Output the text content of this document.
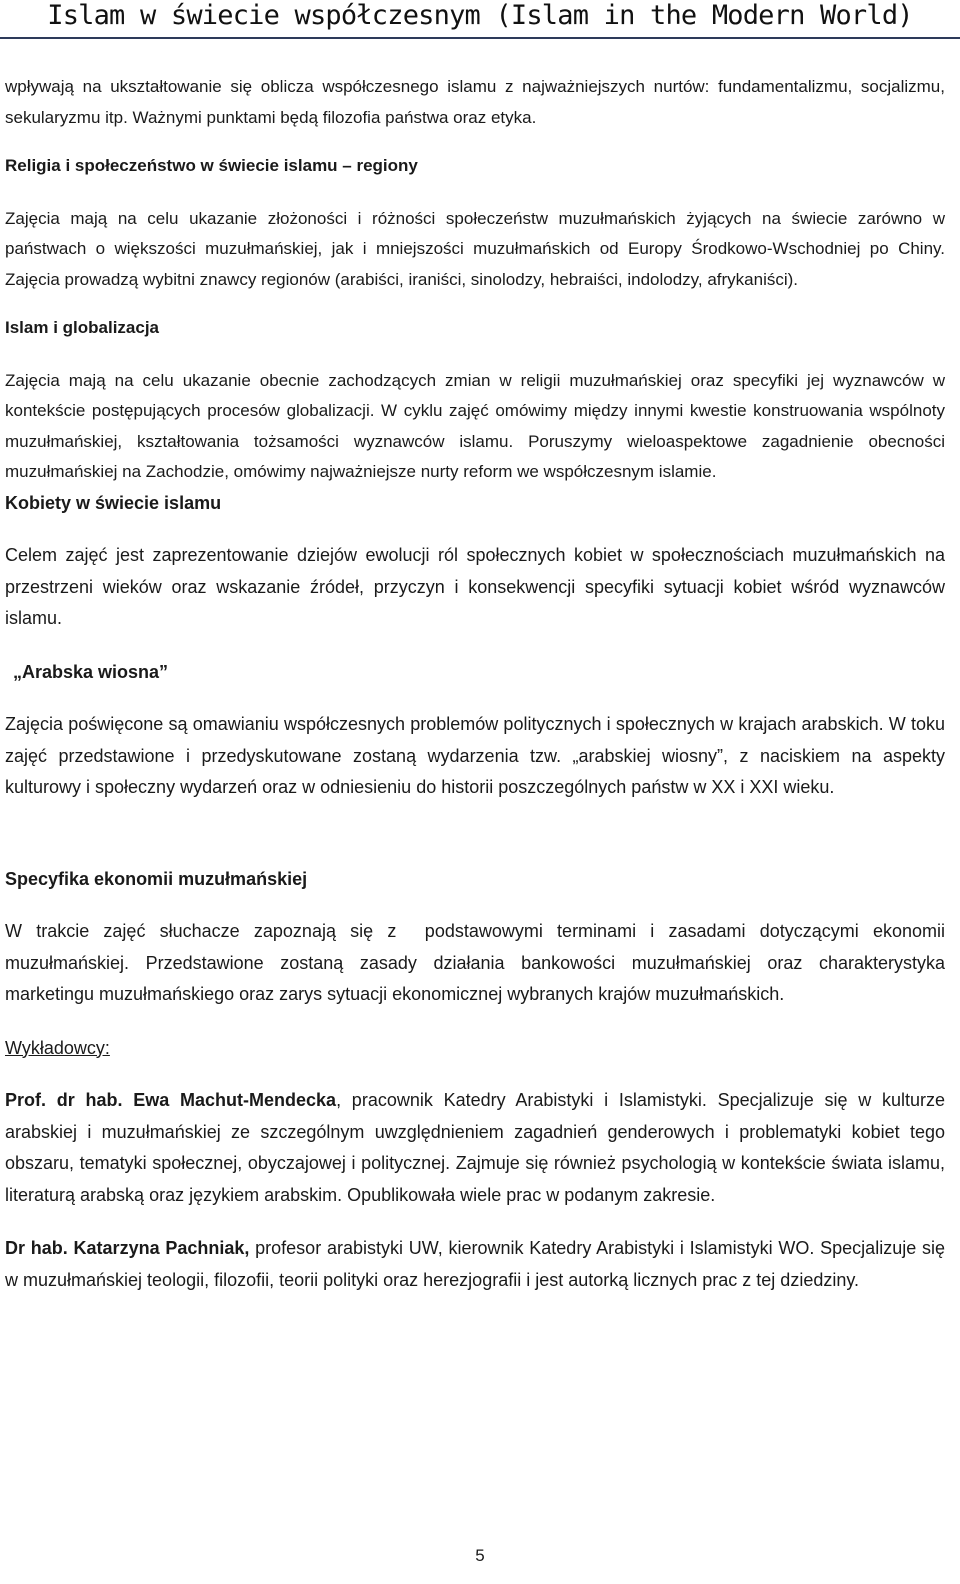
Islam w świecie współczesnym (Islam in the Modern World)

wpływają na ukształtowanie się oblicza współczesnego islamu z najważniejszych nurtów: fundamentalizmu, socjalizmu, sekularyzmu itp. Ważnymi punktami będą filozofia państwa oraz etyka.

Religia i społeczeństwo w świecie islamu – regiony

Zajęcia mają na celu ukazanie złożoności i różności społeczeństw muzułmańskich żyjących na świecie zarówno w państwach o większości muzułmańskiej, jak i mniejszości muzułmańskich od Europy Środkowo-Wschodniej po Chiny. Zajęcia prowadzą wybitni znawcy regionów (arabiści, iraniści, sinolodzy, hebraiści, indolodzy, afrykaniści).

Islam i globalizacja

Zajęcia mają na celu ukazanie obecnie zachodzących zmian w religii muzułmańskiej oraz specyfiki jej wyznawców w kontekście postępujących procesów globalizacji. W cyklu zajęć omówimy między innymi kwestie konstruowania wspólnoty muzułmańskiej, kształtowania tożsamości wyznawców islamu. Poruszymy wieloaspektowe zagadnienie obecności muzułmańskiej na Zachodzie, omówimy najważniejsze nurty reform we współczesnym islamie.

Kobiety w świecie islamu

Celem zajęć jest zaprezentowanie dziejów ewolucji ról społecznych kobiet w społecznościach muzułmańskich na przestrzeni wieków oraz wskazanie źródeł, przyczyn i konsekwencji specyfiki sytuacji kobiet wśród wyznawców islamu.

„Arabska wiosna”

Zajęcia poświęcone są omawianiu współczesnych problemów politycznych i społecznych w krajach arabskich. W toku zajęć przedstawione i przedyskutowane zostaną wydarzenia tzw. „arabskiej wiosny”, z naciskiem na aspekty kulturowy i społeczny wydarzeń oraz w odniesieniu do historii poszczególnych państw w XX i XXI wieku.

Specyfika ekonomii muzułmańskiej

W trakcie zajęć słuchacze zapoznają się z  podstawowymi terminami i zasadami dotyczącymi ekonomii muzułmańskiej. Przedstawione zostaną zasady działania bankowości muzułmańskiej oraz charakterystyka marketingu muzułmańskiego oraz zarys sytuacji ekonomicznej wybranych krajów muzułmańskich.

Wykładowcy:

Prof. dr hab. Ewa Machut-Mendecka, pracownik Katedry Arabistyki i Islamistyki. Specjalizuje się w kulturze arabskiej i muzułmańskiej ze szczególnym uwzględnieniem zagadnień genderowych i problematyki kobiet tego obszaru, tematyki społecznej, obyczajowej i politycznej. Zajmuje się również psychologią w kontekście świata islamu, literaturą arabską oraz językiem arabskim. Opublikowała wiele prac w podanym zakresie.

Dr hab. Katarzyna Pachniak, profesor arabistyki UW, kierownik Katedry Arabistyki i Islamistyki WO. Specjalizuje się w muzułmańskiej teologii, filozofii, teorii polityki oraz herezjografii i jest autorką licznych prac z tej dziedziny.

5
